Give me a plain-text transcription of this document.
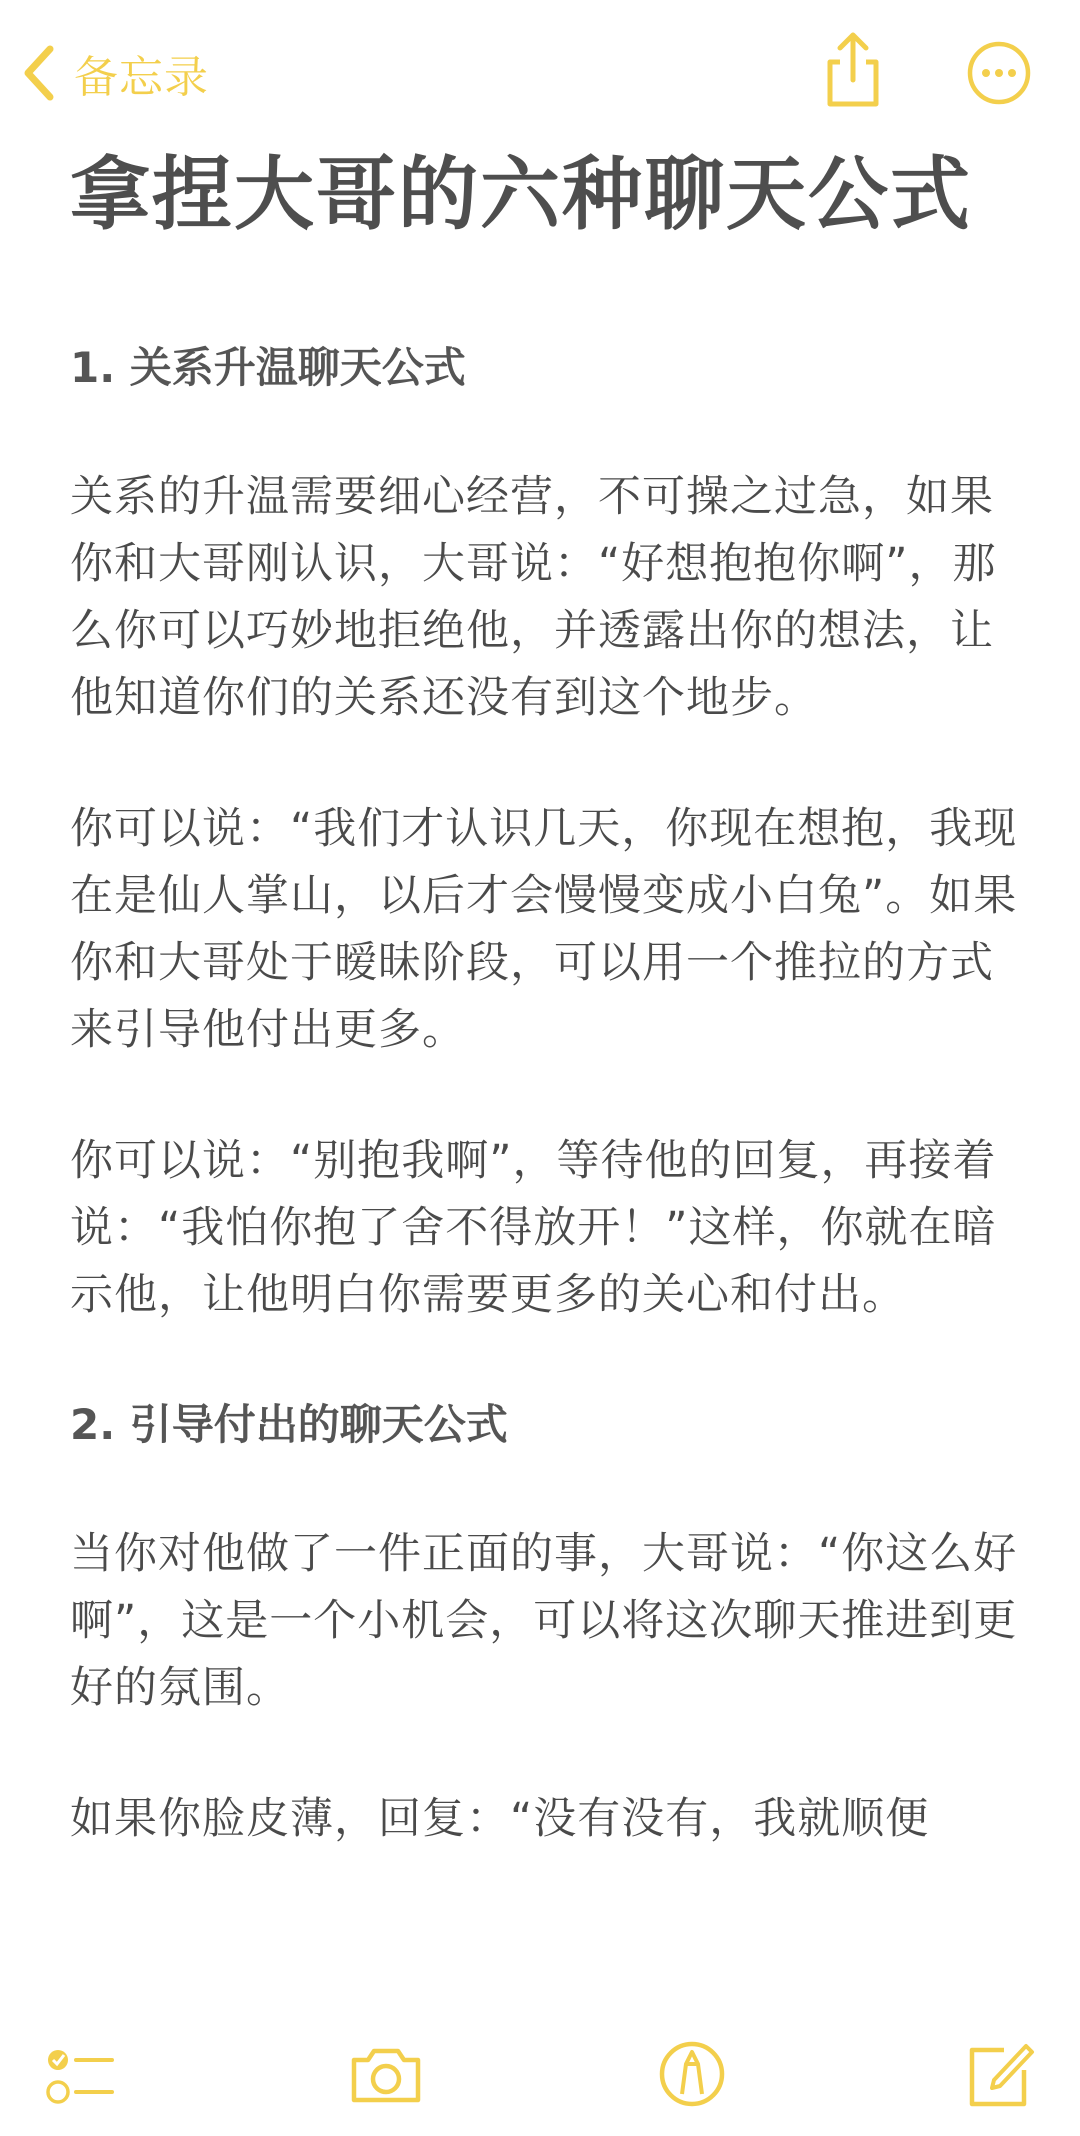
备忘录
拿捏大哥的六种聊天公式
1. 关系升温聊天公式

关系的升温需要细心经营，不可操之过急，如果你和大哥刚认识，大哥说：“好想抱抱你啊”，那么你可以巧妙地拒绝他，并透露出你的想法，让他知道你们的关系还没有到这个地步。

你可以说：“我们才认识几天，你现在想抱，我现在是仙人掌山，以后才会慢慢变成小白兔”。如果你和大哥处于暧昧阶段，可以用一个推拉的方式来引导他付出更多。

你可以说：“别抱我啊”，等待他的回复，再接着说：“我怕你抱了舍不得放开！”这样，你就在暗示他，让他明白你需要更多的关心和付出。

2. 引导付出的聊天公式

当你对他做了一件正面的事，大哥说：“你这么好啊”，这是一个小机会，可以将这次聊天推进到更好的氛围。

如果你脸皮薄，回复：“没有没有，我就顺便
